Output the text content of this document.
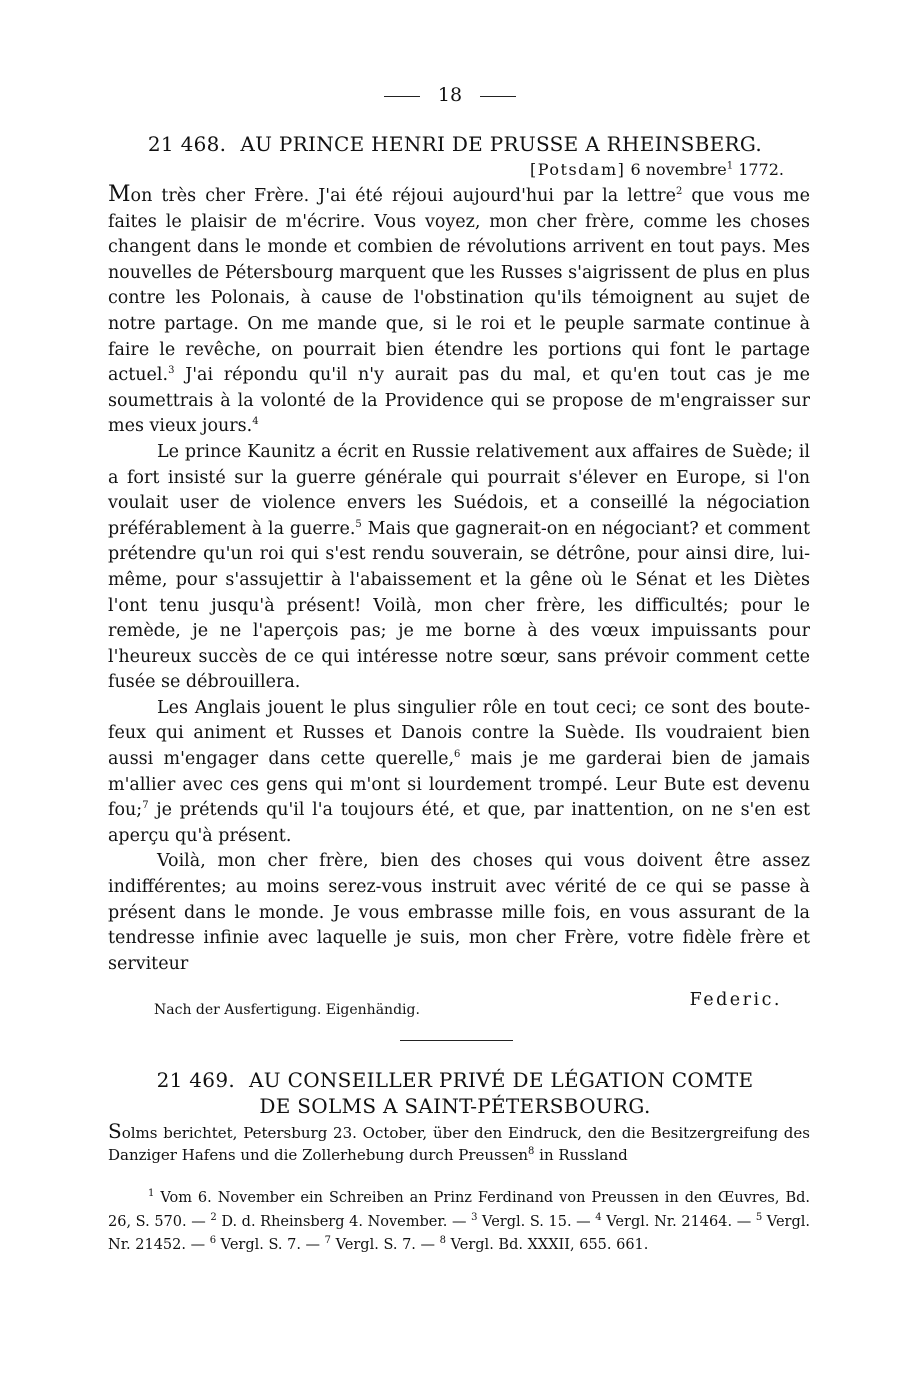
18
21 468. AU PRINCE HENRI DE PRUSSE A RHEINSBERG.
[Potsdam] 6 novembre$^1$ 1772.

Mon très cher Frère. J'ai été réjoui aujourd'hui par la lettre$^2$ que vous me faites le plaisir de m'écrire. Vous voyez, mon cher frère, comme les choses changent dans le monde et combien de révolutions arrivent en tout pays. Mes nouvelles de Pétersbourg marquent que les Russes s'aigrissent de plus en plus contre les Polonais, à cause de l'obstination qu'ils témoignent au sujet de notre partage. On me mande que, si le roi et le peuple sarmate continue à faire le revêche, on pourrait bien étendre les portions qui font le partage actuel.$^3$ J'ai répondu qu'il n'y aurait pas du mal, et qu'en tout cas je me soumettrais à la volonté de la Providence qui se propose de m'engraisser sur mes vieux jours.$^4$

Le prince Kaunitz a écrit en Russie relativement aux affaires de Suède; il a fort insisté sur la guerre générale qui pourrait s'élever en Europe, si l'on voulait user de violence envers les Suédois, et a conseillé la négociation préférablement à la guerre.$^5$ Mais que gagnerait-on en négociant? et comment prétendre qu'un roi qui s'est rendu souverain, se détrône, pour ainsi dire, lui-même, pour s'assujettir à l'abaissement et la gêne où le Sénat et les Diètes l'ont tenu jusqu'à présent! Voilà, mon cher frère, les difficultés; pour le remède, je ne l'aperçois pas; je me borne à des vœux impuissants pour l'heureux succès de ce qui intéresse notre sœur, sans prévoir comment cette fusée se débrouillera.

Les Anglais jouent le plus singulier rôle en tout ceci; ce sont des boute-feux qui animent et Russes et Danois contre la Suède. Ils voudraient bien aussi m'engager dans cette querelle,$^6$ mais je me garderai bien de jamais m'allier avec ces gens qui m'ont si lourdement trompé. Leur Bute est devenu fou;$^7$ je prétends qu'il l'a toujours été, et que, par inattention, on ne s'en est aperçu qu'à présent.

Voilà, mon cher frère, bien des choses qui vous doivent être assez indifférentes; au moins serez-vous instruit avec vérité de ce qui se passe à présent dans le monde. Je vous embrasse mille fois, en vous assurant de la tendresse infinie avec laquelle je suis, mon cher Frère, votre fidèle frère et serviteur

Federic.
Nach der Ausfertigung. Eigenhändig.
21 469. AU CONSEILLER PRIVÉ DE LÉGATION COMTE
DE SOLMS A SAINT-PÉTERSBOURG.
Solms berichtet, Petersburg 23. October, über den Eindruck, den die Besitzergreifung des Danziger Hafens und die Zollerhebung durch Preussen$^8$ in Russland

$^1$ Vom 6. November ein Schreiben an Prinz Ferdinand von Preussen in den Œuvres, Bd. 26, S. 570. — $^2$ D. d. Rheinsberg 4. November. — $^3$ Vergl. S. 15. — $^4$ Vergl. Nr. 21464. — $^5$ Vergl. Nr. 21452. — $^6$ Vergl. S. 7. — $^7$ Vergl. S. 7. — $^8$ Vergl. Bd. XXXII, 655. 661.
